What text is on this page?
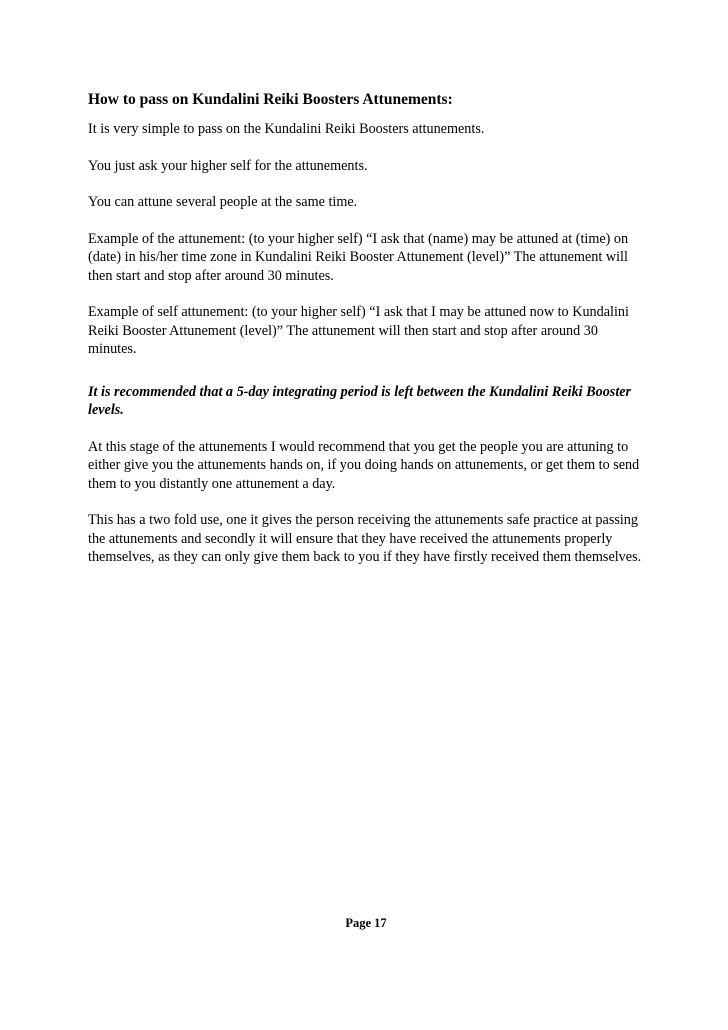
How to pass on Kundalini Reiki Boosters Attunements:

It is very simple to pass on the Kundalini Reiki Boosters attunements.

You just ask your higher self for the attunements.

You can attune several people at the same time.

Example of the attunement: (to your higher self) “I ask that (name) may be attuned at (time) on (date) in his/her time zone in Kundalini Reiki Booster Attunement (level)” The attunement will then start and stop after around 30 minutes.

Example of self attunement: (to your higher self) “I ask that I may be attuned now to Kundalini Reiki Booster Attunement (level)” The attunement will then start and stop after around 30 minutes.

It is recommended that a 5-day integrating period is left between the Kundalini Reiki Booster levels.

At this stage of the attunements I would recommend that you get the people you are attuning to either give you the attunements hands on, if you doing hands on attunements, or get them to send them to you distantly one attunement a day.

This has a two fold use, one it gives the person receiving the attunements safe practice at passing the attunements and secondly it will ensure that they have received the attunements properly themselves, as they can only give them back to you if they have firstly received them themselves.

Page 17
